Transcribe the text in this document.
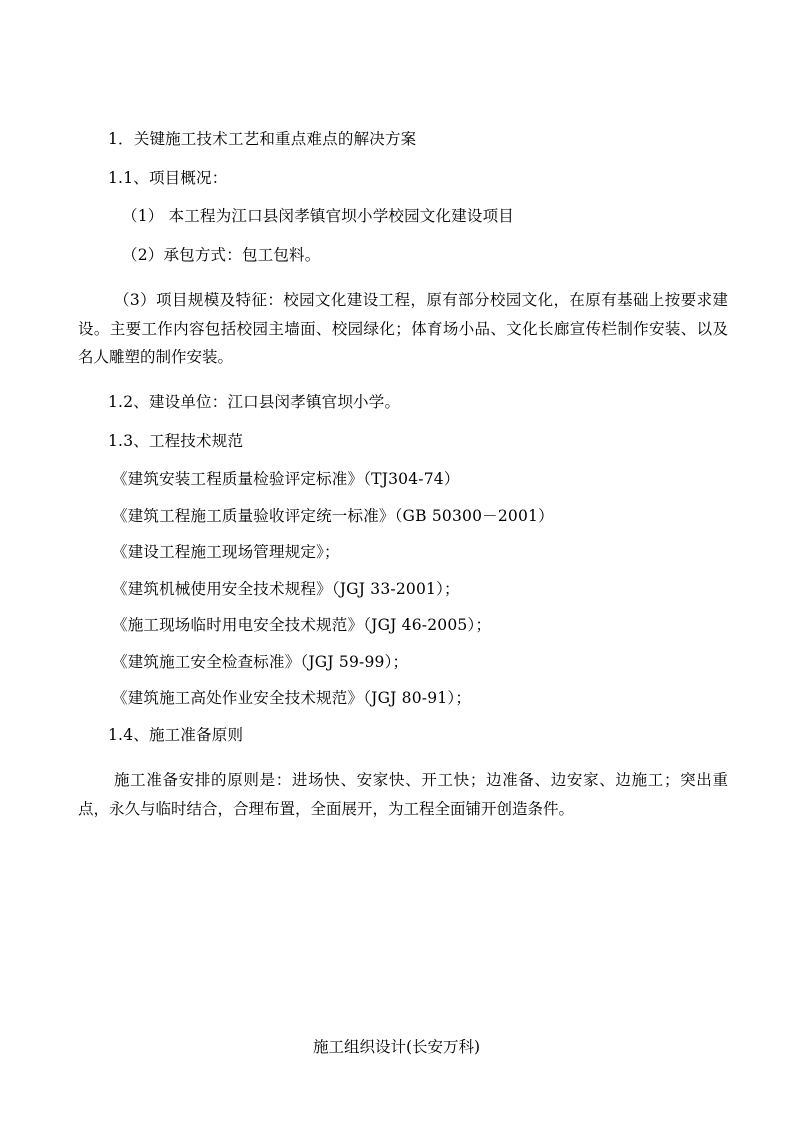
1．关键施工技术工艺和重点难点的解决方案

1.1、项目概况：

（1） 本工程为江口县闵孝镇官坝小学校园文化建设项目

（2）承包方式：包工包料。

（3）项目规模及特征：校园文化建设工程，原有部分校园文化，在原有基础上按要求建设。主要工作内容包括校园主墙面、校园绿化；体育场小品、文化长廊宣传栏制作安装、以及名人雕塑的制作安装。

1.2、建设单位：江口县闵孝镇官坝小学。

1.3、工程技术规范

《建筑安装工程质量检验评定标准》（TJ304-74）

《建筑工程施工质量验收评定统一标准》（GB 50300－2001）

《建设工程施工现场管理规定》；

《建筑机械使用安全技术规程》（JGJ 33-2001）；

《施工现场临时用电安全技术规范》（JGJ 46-2005）；

《建筑施工安全检查标准》（JGJ 59-99）；

《建筑施工高处作业安全技术规范》（JGJ 80-91）；

1.4、施工准备原则

施工准备安排的原则是：进场快、安家快、开工快；边准备、边安家、边施工；突出重点，永久与临时结合，合理布置，全面展开，为工程全面铺开创造条件。

施工组织设计(长安万科)
